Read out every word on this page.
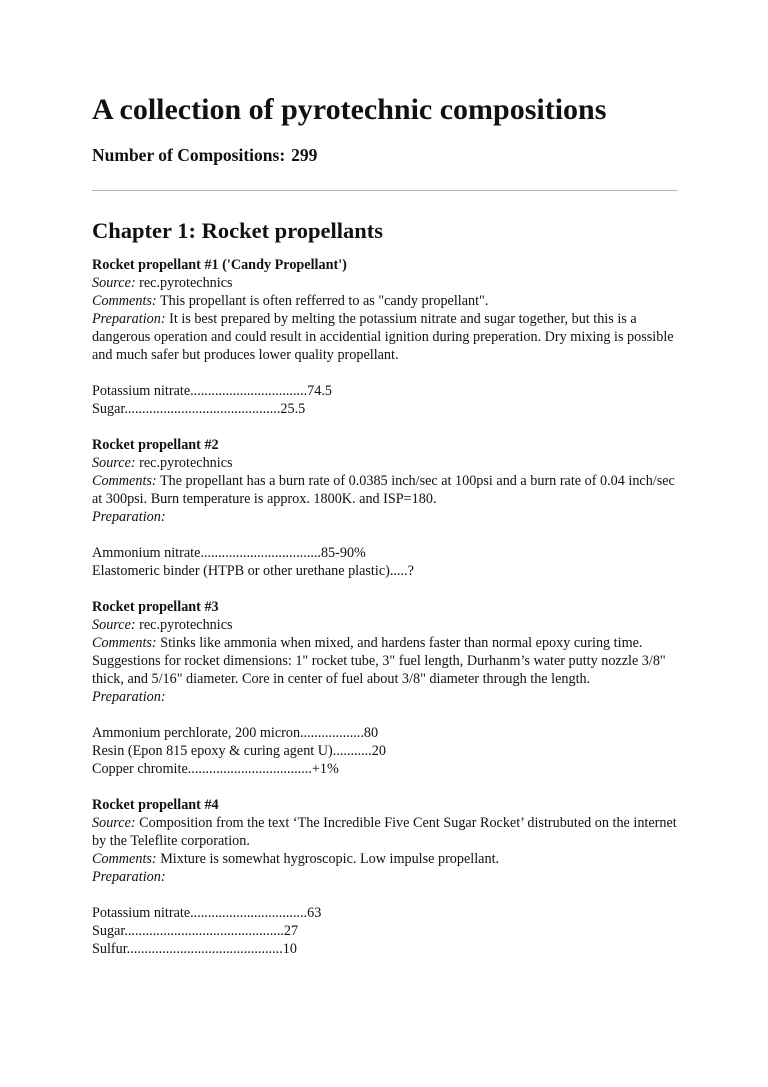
A collection of pyrotechnic compositions
Number of Compositions: 299
Chapter 1: Rocket propellants
Rocket propellant #1 ('Candy Propellant')
Source: rec.pyrotechnics
Comments: This propellant is often refferred to as "candy propellant".
Preparation: It is best prepared by melting the potassium nitrate and sugar together, but this is a dangerous operation and could result in accidential ignition during preperation. Dry mixing is possible and much safer but produces lower quality propellant.
Potassium nitrate.................................74.5
Sugar............................................25.5
Rocket propellant #2
Source: rec.pyrotechnics
Comments: The propellant has a burn rate of 0.0385 inch/sec at 100psi and a burn rate of 0.04 inch/sec at 300psi. Burn temperature is approx. 1800K. and ISP=180.
Preparation:
Ammonium nitrate..................................85-90%
Elastomeric binder (HTPB or other urethane plastic).....?
Rocket propellant #3
Source: rec.pyrotechnics
Comments: Stinks like ammonia when mixed, and hardens faster than normal epoxy curing time. Suggestions for rocket dimensions: 1" rocket tube, 3" fuel length, Durhanm’s water putty nozzle 3/8" thick, and 5/16" diameter. Core in center of fuel about 3/8" diameter through the length.
Preparation:
Ammonium perchlorate, 200 micron..................80
Resin (Epon 815 epoxy & curing agent U)...........20
Copper chromite...................................+1%
Rocket propellant #4
Source: Composition from the text ‘The Incredible Five Cent Sugar Rocket’ distrubuted on the internet by the Teleflite corporation.
Comments: Mixture is somewhat hygroscopic. Low impulse propellant.
Preparation:
Potassium nitrate.................................63
Sugar.............................................27
Sulfur............................................10
